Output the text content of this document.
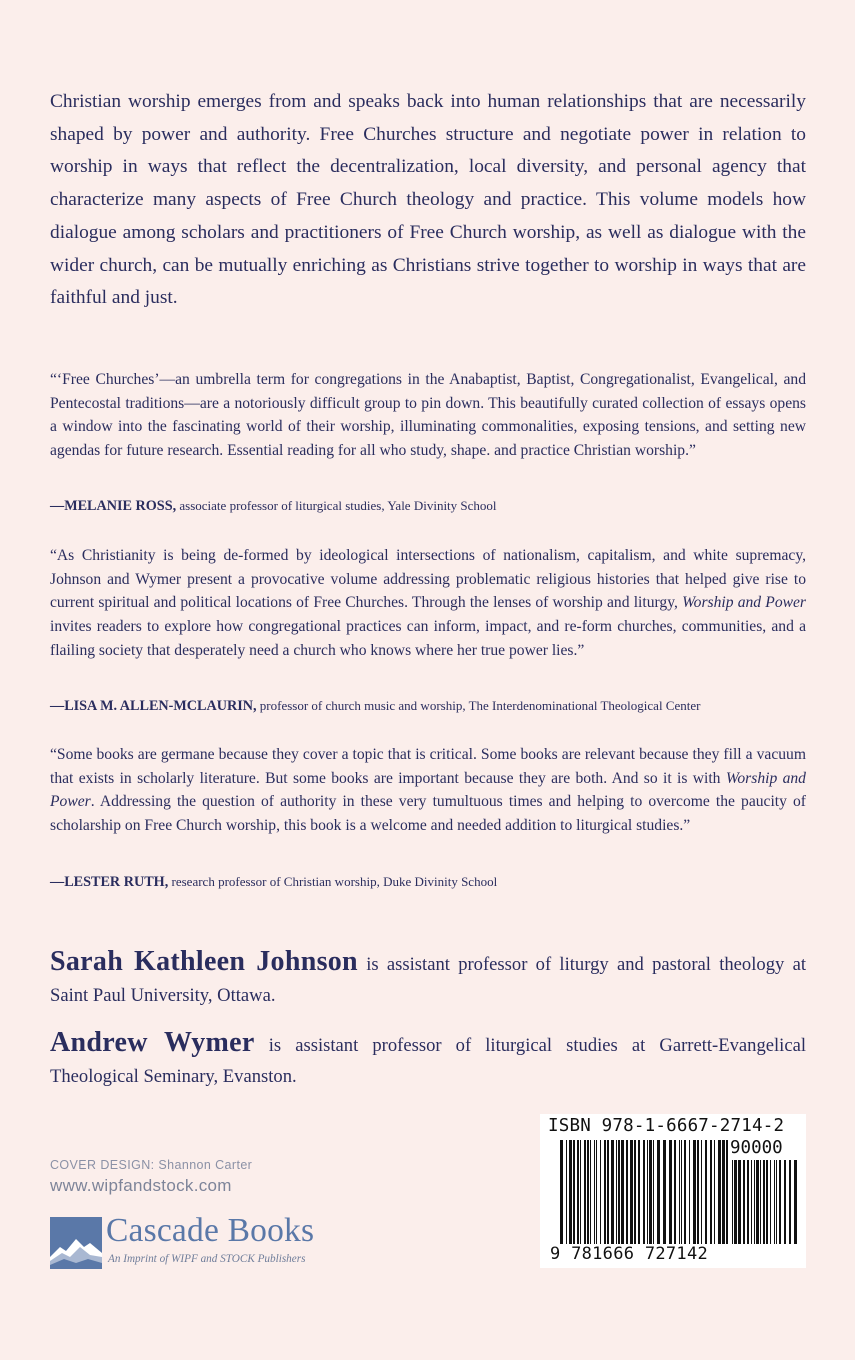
Christian worship emerges from and speaks back into human relationships that are necessarily shaped by power and authority. Free Churches structure and negotiate power in relation to worship in ways that reflect the decentralization, local diversity, and personal agency that characterize many aspects of Free Church theology and practice. This volume models how dialogue among scholars and practitioners of Free Church worship, as well as dialogue with the wider church, can be mutually enriching as Christians strive together to worship in ways that are faithful and just.

“‘Free Churches’—an umbrella term for congregations in the Anabaptist, Baptist, Congregationalist, Evangelical, and Pentecostal traditions—are a notoriously difficult group to pin down. This beautifully curated collection of essays opens a window into the fascinating world of their worship, illuminating commonalities, exposing tensions, and setting new agendas for future research. Essential reading for all who study, shape. and practice Christian worship.”

—MELANIE ROSS, associate professor of liturgical studies, Yale Divinity School

“As Christianity is being de-formed by ideological intersections of nationalism, capitalism, and white supremacy, Johnson and Wymer present a provocative volume addressing problematic religious histories that helped give rise to current spiritual and political locations of Free Churches. Through the lenses of worship and liturgy, Worship and Power invites readers to explore how congregational practices can inform, impact, and re-form churches, communities, and a flailing society that desperately need a church who knows where her true power lies.”

—LISA M. ALLEN-MCLAURIN, professor of church music and worship, The Interdenominational Theological Center

“Some books are germane because they cover a topic that is critical. Some books are relevant because they fill a vacuum that exists in scholarly literature. But some books are important because they are both. And so it is with Worship and Power. Addressing the question of authority in these very tumultuous times and helping to overcome the paucity of scholarship on Free Church worship, this book is a welcome and needed addition to liturgical studies.”

—LESTER RUTH, research professor of Christian worship, Duke Divinity School

Sarah Kathleen Johnson is assistant professor of liturgy and pastoral theology at Saint Paul University, Ottawa.

Andrew Wymer is assistant professor of liturgical studies at Garrett-Evangelical Theological Seminary, Evanston.

COVER DESIGN: Shannon Carter
www.wipfandstock.com
Cascade Books
An Imprint of WIPF and STOCK Publishers
ISBN 978-1-6667-2714-2
90000
9 781666 727142
